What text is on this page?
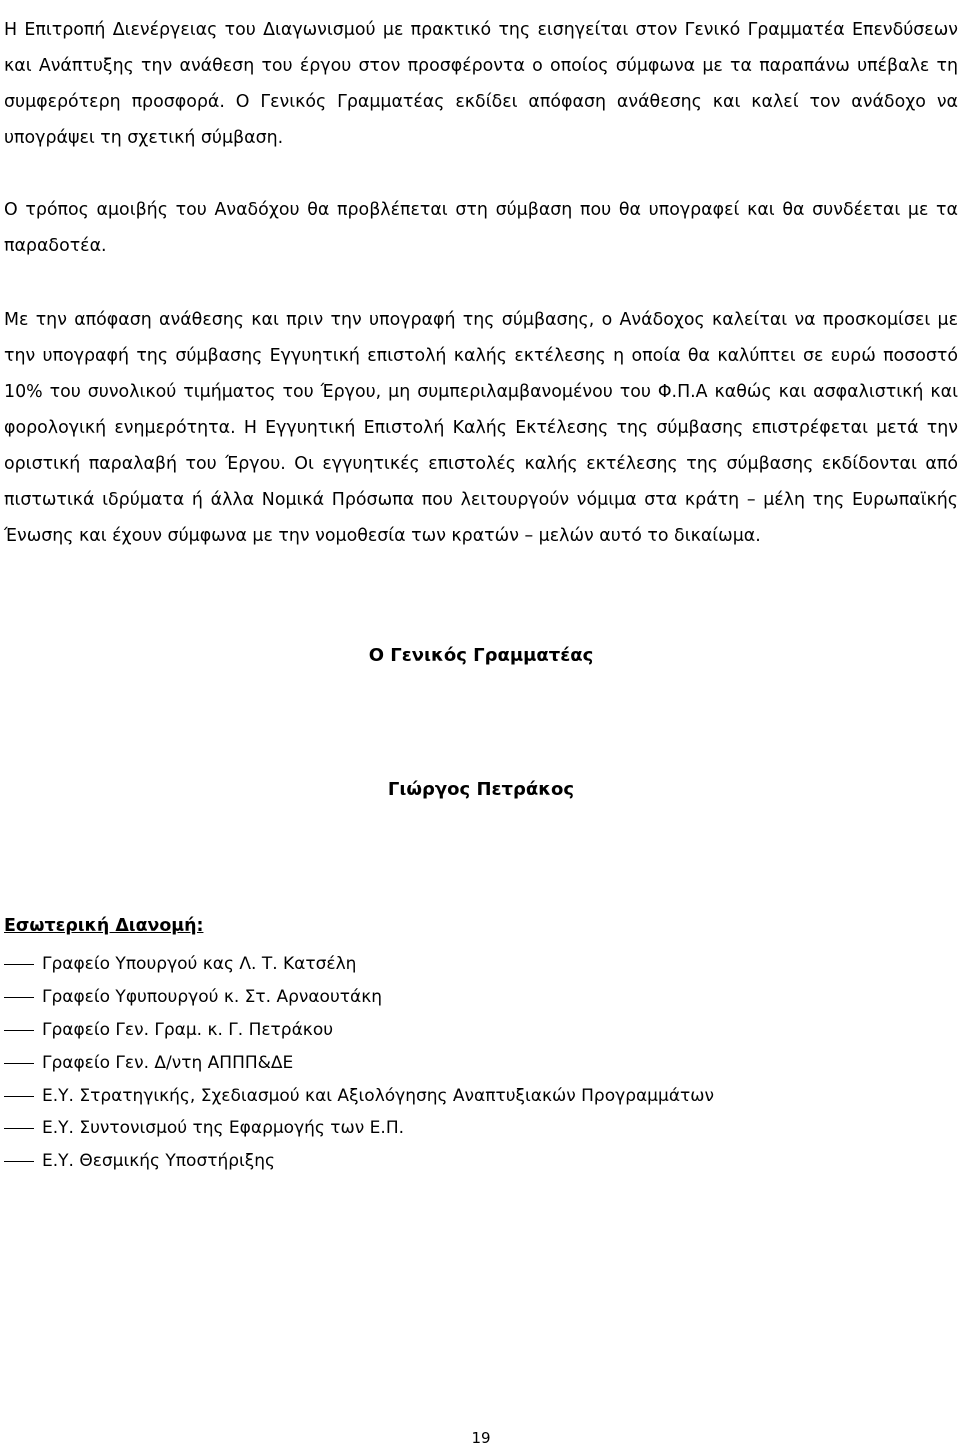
Η Επιτροπή Διενέργειας του Διαγωνισμού με πρακτικό της εισηγείται στον Γενικό Γραμματέα Επενδύσεων και Ανάπτυξης την ανάθεση του έργου στον προσφέροντα ο οποίος σύμφωνα με τα παραπάνω υπέβαλε τη συμφερότερη προσφορά. Ο Γενικός Γραμματέας εκδίδει απόφαση ανάθεσης και καλεί τον ανάδοχο να υπογράψει τη σχετική σύμβαση.

Ο τρόπος αμοιβής του Αναδόχου θα προβλέπεται στη σύμβαση που θα υπογραφεί και θα συνδέεται με τα παραδοτέα.

Με την απόφαση ανάθεσης και πριν την υπογραφή της σύμβασης, ο Ανάδοχος καλείται να προσκομίσει με την υπογραφή της σύμβασης Εγγυητική επιστολή καλής εκτέλεσης η οποία θα καλύπτει σε ευρώ ποσοστό 10% του συνολικού τιμήματος του Έργου, μη συμπεριλαμβανομένου του Φ.Π.Α καθώς και ασφαλιστική και φορολογική ενημερότητα. Η Εγγυητική Επιστολή Καλής Εκτέλεσης της σύμβασης επιστρέφεται μετά την οριστική παραλαβή του Έργου. Οι εγγυητικές επιστολές καλής εκτέλεσης της σύμβασης εκδίδονται από πιστωτικά ιδρύματα ή άλλα Νομικά Πρόσωπα που λειτουργούν νόμιμα στα κράτη – μέλη της Ευρωπαϊκής Ένωσης και έχουν σύμφωνα με την νομοθεσία των κρατών – μελών αυτό το δικαίωμα.

Ο Γενικός Γραμματέας

Γιώργος Πετράκος

Εσωτερική Διανομή:

Γραφείο Υπουργού κας Λ. Τ. Κατσέλη
Γραφείο Υφυπουργού κ. Στ. Αρναουτάκη
Γραφείο Γεν. Γραμ. κ. Γ. Πετράκου
Γραφείο Γεν. Δ/ντη ΑΠΠΠ&ΔΕ
Ε.Υ. Στρατηγικής, Σχεδιασμού και Αξιολόγησης Αναπτυξιακών Προγραμμάτων
Ε.Υ. Συντονισμού της Εφαρμογής των Ε.Π.
Ε.Υ. Θεσμικής Υποστήριξης

19
